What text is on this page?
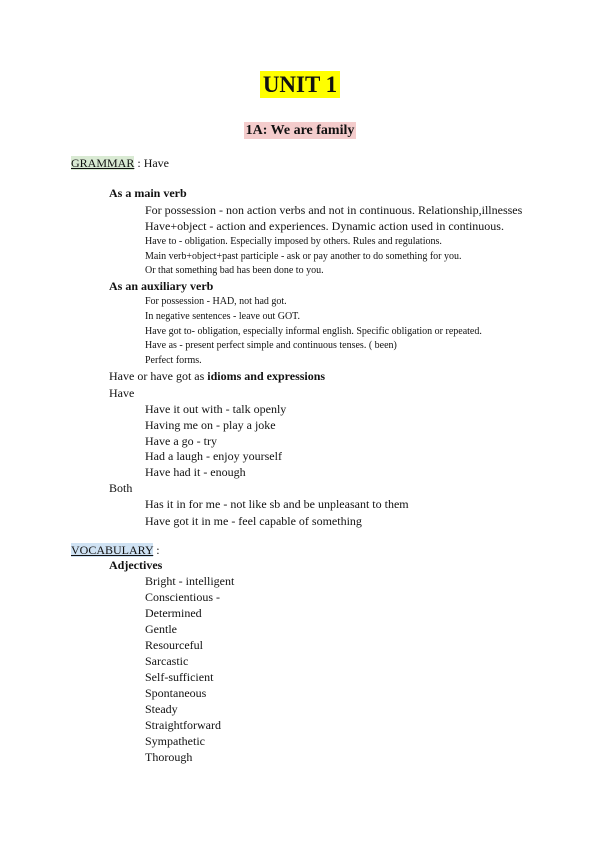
UNIT 1
1A: We are family
GRAMMAR : Have
As a main verb
For possession - non action verbs and not in continuous. Relationship,illnesses
Have+object - action and experiences. Dynamic action used in continuous.
Have to - obligation. Especially imposed by others. Rules and regulations.
Main verb+object+past participle - ask or pay another to do something for you.
Or that something bad has been done to you.
As an auxiliary verb
For possession - HAD, not had got.
In negative sentences - leave out GOT.
Have got to- obligation, especially informal english. Specific obligation or repeated.
Have as - present perfect simple and continuous tenses. ( been)
Perfect forms.
Have or have got as idioms and expressions
Have
Have it out with - talk openly
Having me on - play a joke
Have a go - try
Had a laugh - enjoy yourself
Have had it - enough
Both
Has it in for me - not like sb and be unpleasant to them
Have got it in me - feel capable of something
VOCABULARY :
Adjectives
Bright - intelligent
Conscientious -
Determined
Gentle
Resourceful
Sarcastic
Self-sufficient
Spontaneous
Steady
Straightforward
Sympathetic
Thorough
